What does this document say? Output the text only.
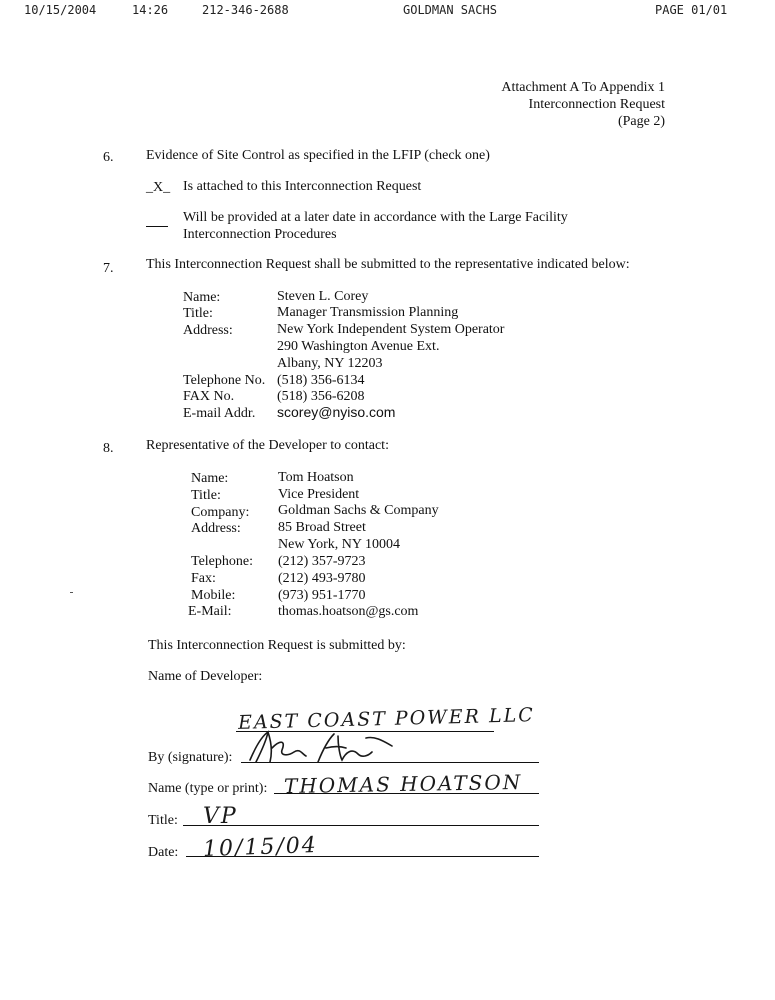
10/15/2004	14:26	212-346-2688	GOLDMAN SACHS	PAGE 01/01
Attachment A To Appendix 1
Interconnection Request
(Page 2)
6. Evidence of Site Control as specified in the LFIP (check one)
_X_ Is attached to this Interconnection Request
Will be provided at a later date in accordance with the Large Facility
Interconnection Procedures
7. This Interconnection Request shall be submitted to the representative indicated below:
Name:	Steven L. Corey
Title:	Manager Transmission Planning
Address:	New York Independent System Operator
290 Washington Avenue Ext.
Albany, NY 12203
Telephone No. (518) 356-6134
FAX No.	(518) 356-6208
E-mail Addr. scorey@nyiso.com
8. Representative of the Developer to contact:
Name:	Tom Hoatson
Title:	Vice President
Company: Goldman Sachs & Company
Address:	85 Broad Street
New York, NY 10004
Telephone: (212) 357-9723
Fax:	(212) 493-9780
Mobile:	(973) 951-1770
E-Mail:	thomas.hoatson@gs.com
This Interconnection Request is submitted by:
Name of Developer:
EAST COAST POWER LLC
By (signature):
Name (type or print): THOMAS HOATSON
Title: VP
Date: 10/15/04
